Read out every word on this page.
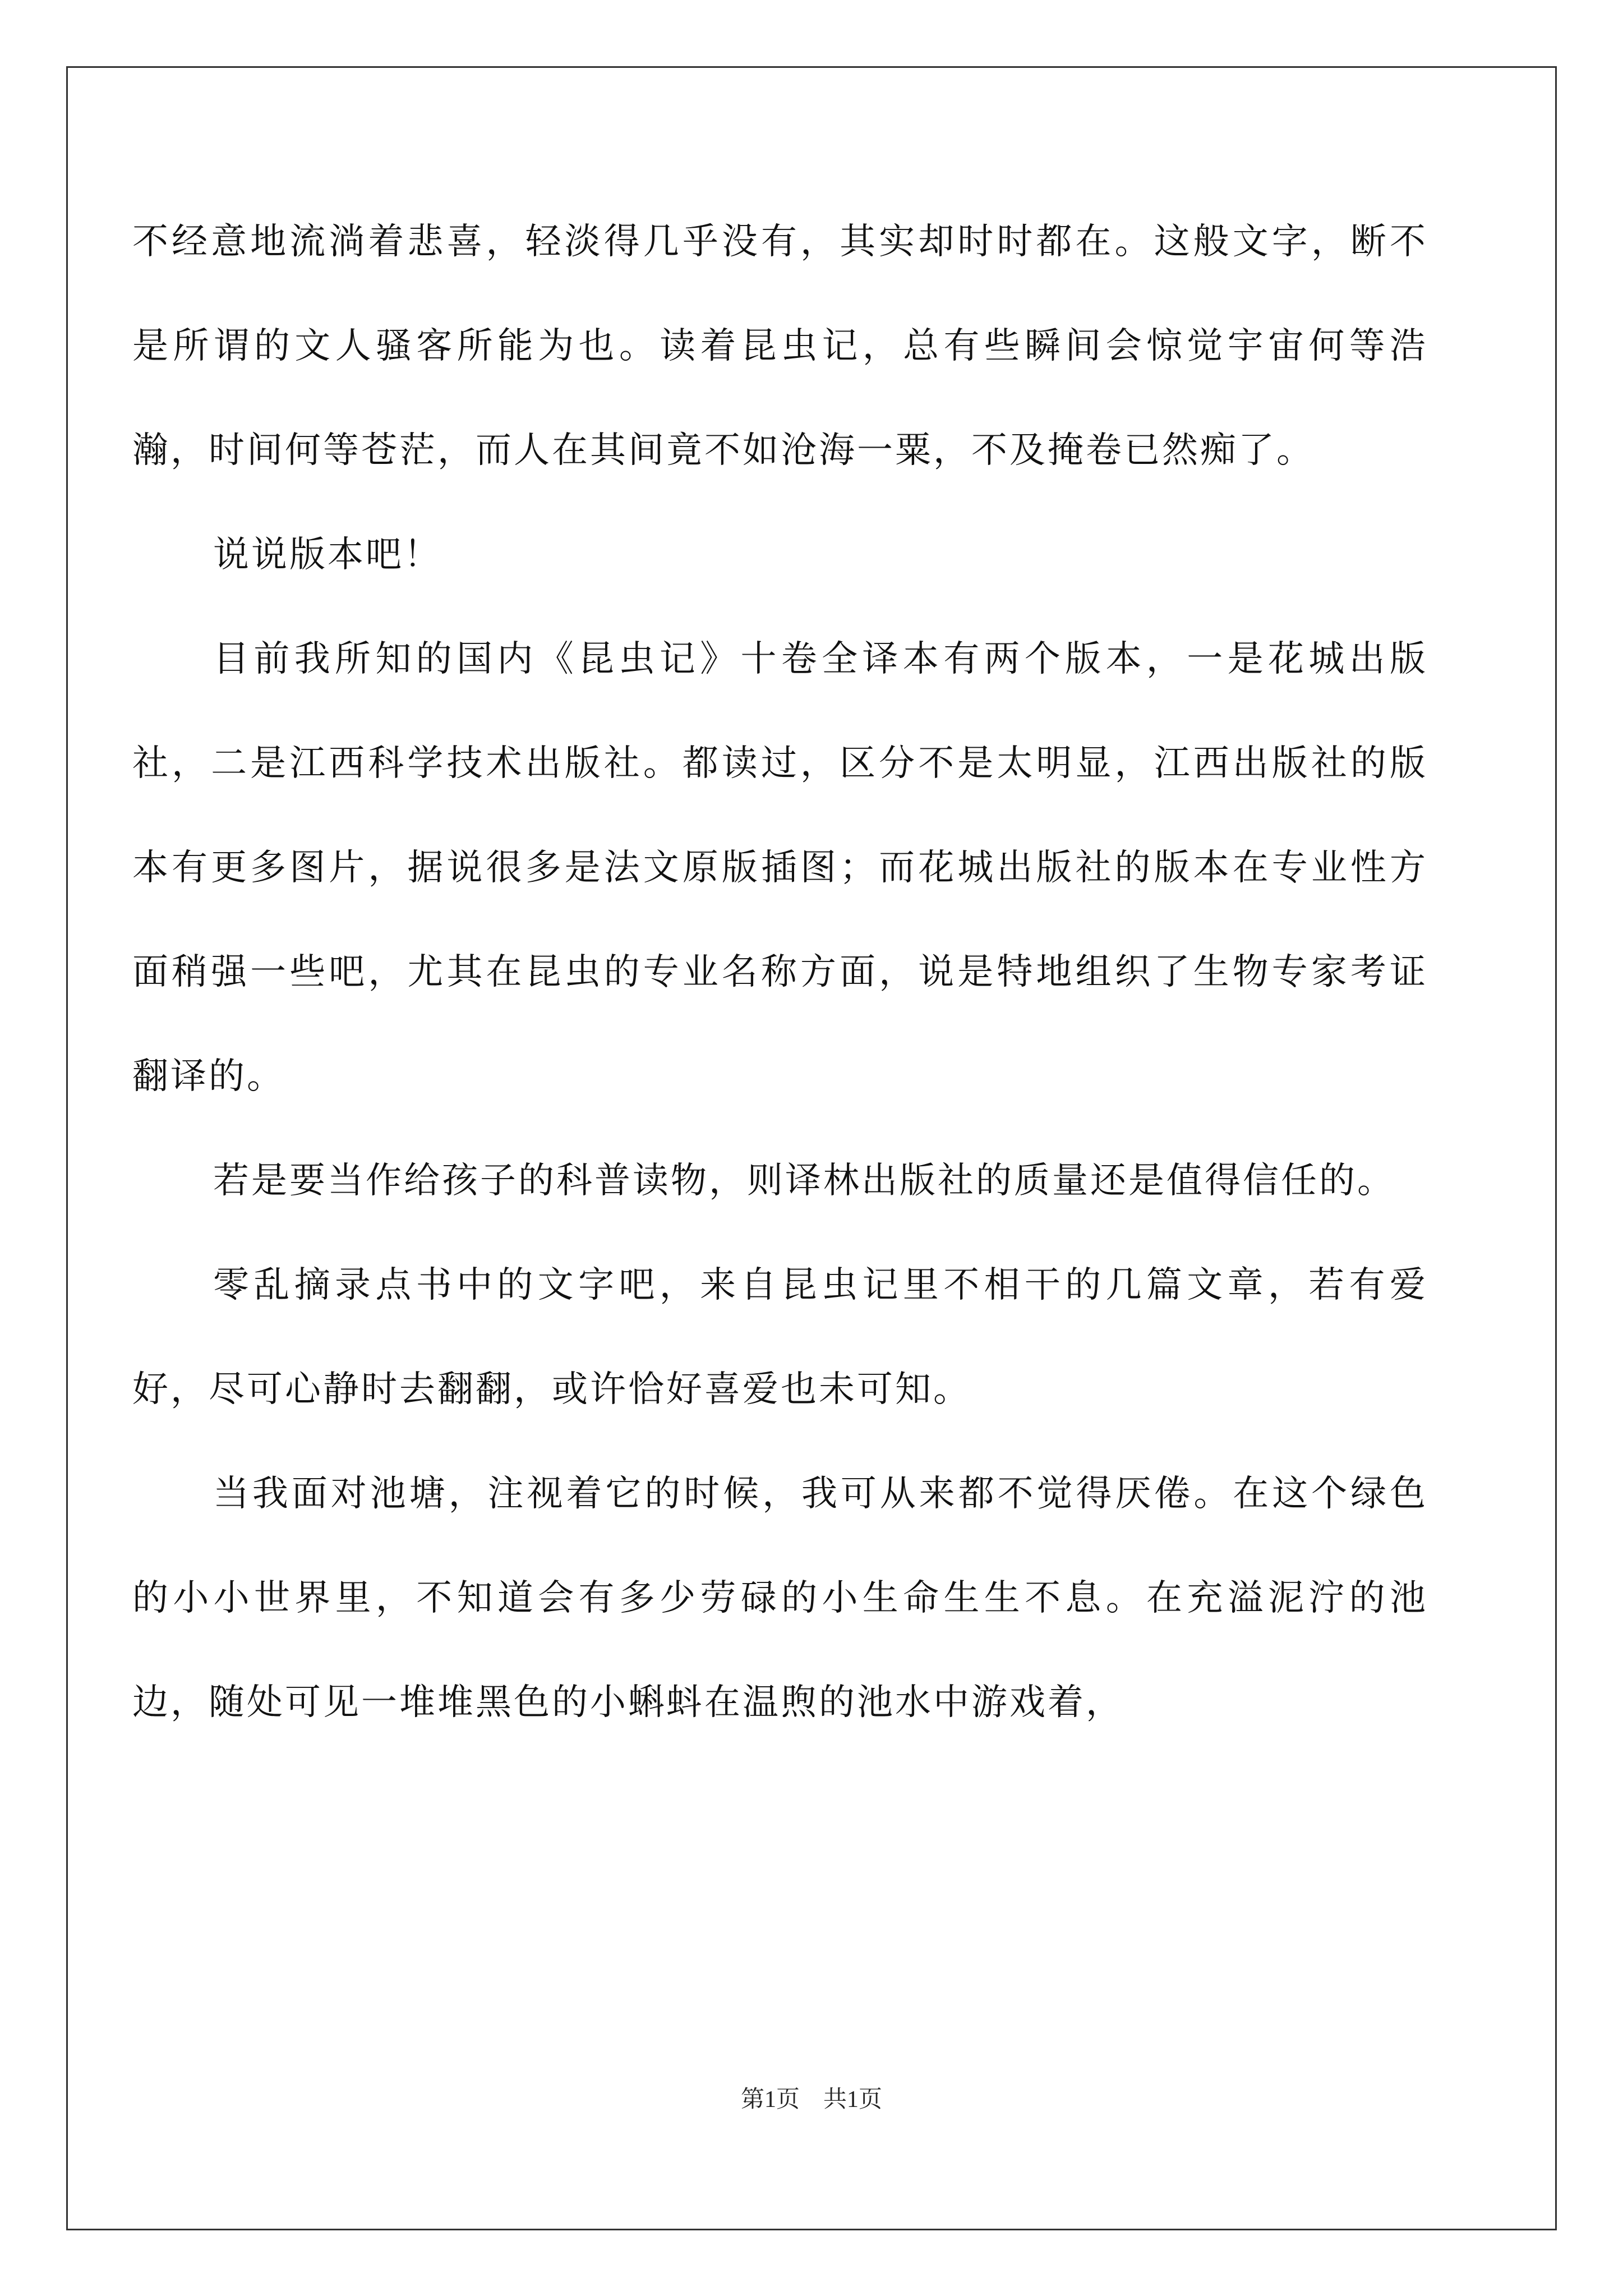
不经意地流淌着悲喜，轻淡得几乎没有，其实却时时都在。这般文字，断不是所谓的文人骚客所能为也。读着昆虫记，总有些瞬间会惊觉宇宙何等浩瀚，时间何等苍茫，而人在其间竟不如沧海一粟，不及掩卷已然痴了。

说说版本吧！

目前我所知的国内《昆虫记》十卷全译本有两个版本，一是花城出版社，二是江西科学技术出版社。都读过，区分不是太明显，江西出版社的版本有更多图片，据说很多是法文原版插图；而花城出版社的版本在专业性方面稍强一些吧，尤其在昆虫的专业名称方面，说是特地组织了生物专家考证翻译的。

若是要当作给孩子的科普读物，则译林出版社的质量还是值得信任的。

零乱摘录点书中的文字吧，来自昆虫记里不相干的几篇文章，若有爱好，尽可心静时去翻翻，或许恰好喜爱也未可知。

当我面对池塘，注视着它的时候，我可从来都不觉得厌倦。在这个绿色的小小世界里，不知道会有多少劳碌的小生命生生不息。在充溢泥泞的池边，随处可见一堆堆黑色的小蝌蚪在温煦的池水中游戏着，

第1页　共1页
